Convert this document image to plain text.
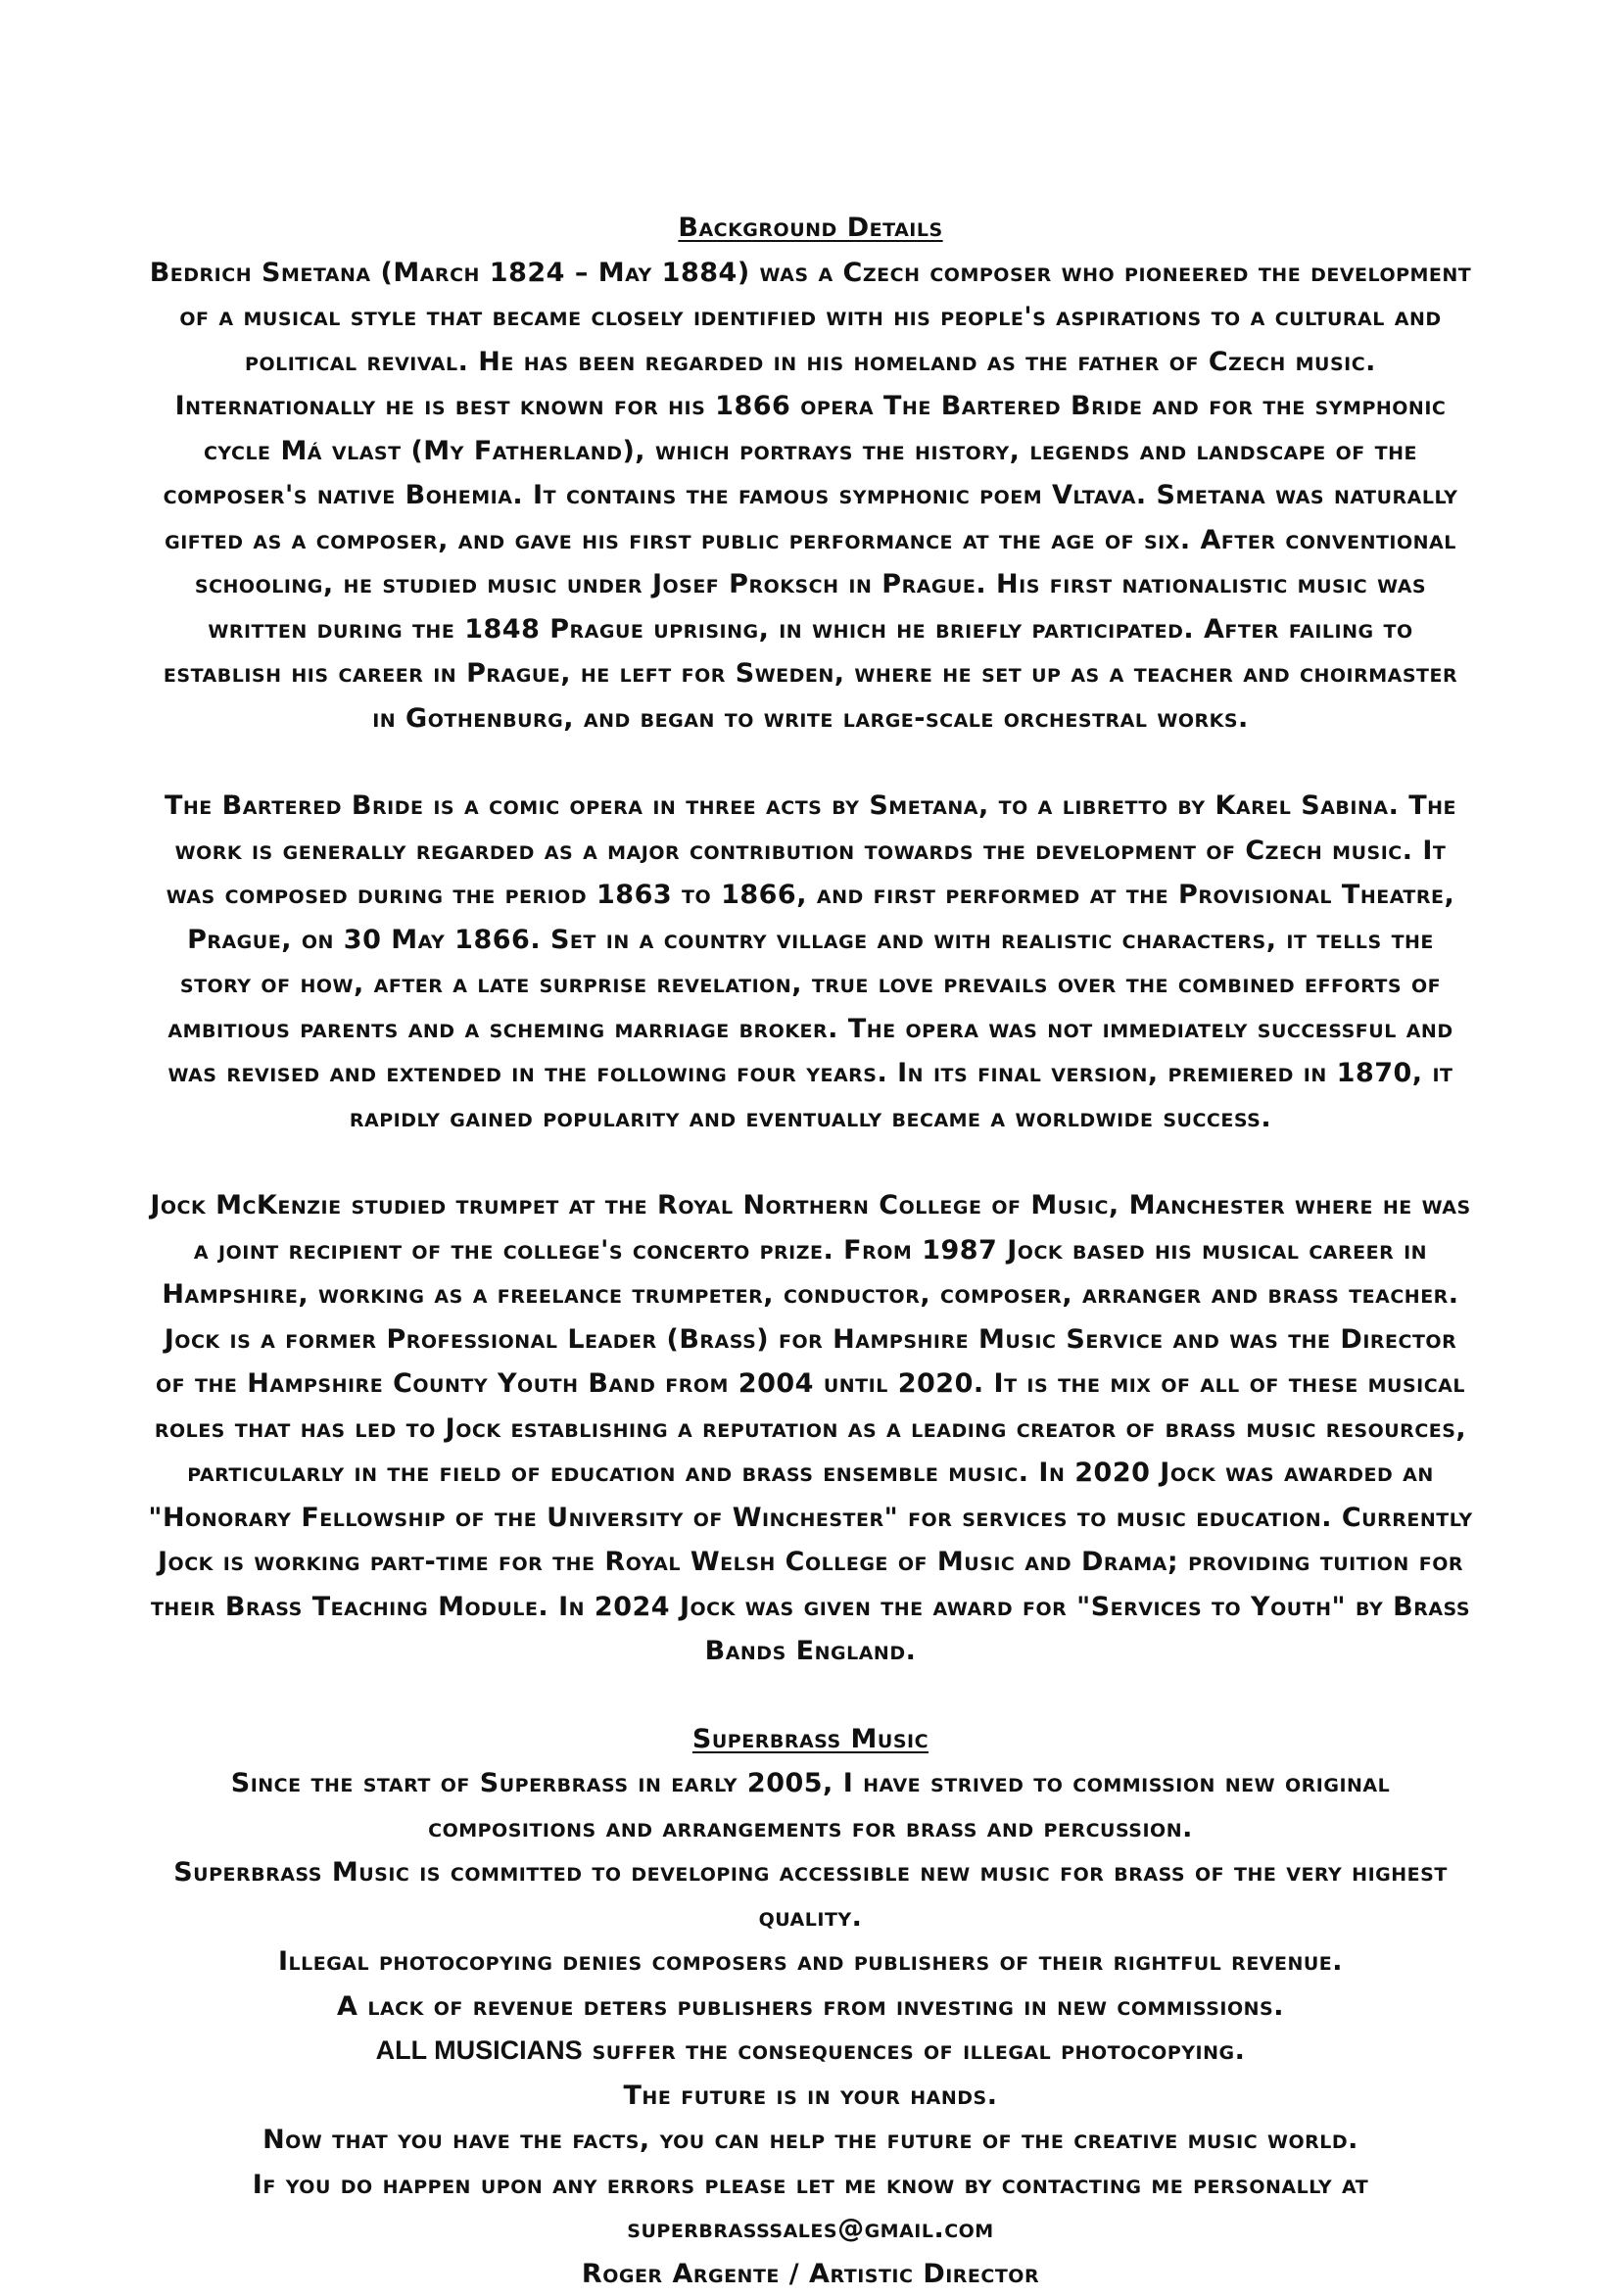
Background Details

Bedrich Smetana (March 1824 – May 1884) was a Czech composer who pioneered the development of a musical style that became closely identified with his people's aspirations to a cultural and political revival. He has been regarded in his homeland as the father of Czech music. Internationally he is best known for his 1866 opera The Bartered Bride and for the symphonic cycle Má vlast (My Fatherland), which portrays the history, legends and landscape of the composer's native Bohemia. It contains the famous symphonic poem Vltava. Smetana was naturally gifted as a composer, and gave his first public performance at the age of six. After conventional schooling, he studied music under Josef Proksch in Prague. His first nationalistic music was written during the 1848 Prague uprising, in which he briefly participated. After failing to establish his career in Prague, he left for Sweden, where he set up as a teacher and choirmaster in Gothenburg, and began to write large-scale orchestral works.

The Bartered Bride is a comic opera in three acts by Smetana, to a libretto by Karel Sabina. The work is generally regarded as a major contribution towards the development of Czech music. It was composed during the period 1863 to 1866, and first performed at the Provisional Theatre, Prague, on 30 May 1866. Set in a country village and with realistic characters, it tells the story of how, after a late surprise revelation, true love prevails over the combined efforts of ambitious parents and a scheming marriage broker. The opera was not immediately successful and was revised and extended in the following four years. In its final version, premiered in 1870, it rapidly gained popularity and eventually became a worldwide success.

Jock McKenzie studied trumpet at the Royal Northern College of Music, Manchester where he was a joint recipient of the college's concerto prize. From 1987 Jock based his musical career in Hampshire, working as a freelance trumpeter, conductor, composer, arranger and brass teacher. Jock is a former Professional Leader (Brass) for Hampshire Music Service and was the Director of the Hampshire County Youth Band from 2004 until 2020. It is the mix of all of these musical roles that has led to Jock establishing a reputation as a leading creator of brass music resources, particularly in the field of education and brass ensemble music. In 2020 Jock was awarded an "Honorary Fellowship of the University of Winchester" for services to music education. Currently Jock is working part-time for the Royal Welsh College of Music and Drama; providing tuition for their Brass Teaching Module. In 2024 Jock was given the award for "Services to Youth" by Brass Bands England.

Superbrass Music
Since the start of Superbrass in early 2005, I have strived to commission new original compositions and arrangements for brass and percussion.
Superbrass Music is committed to developing accessible new music for brass of the very highest quality.
Illegal photocopying denies composers and publishers of their rightful revenue.
A lack of revenue deters publishers from investing in new commissions.
ALL MUSICIANS suffer the consequences of illegal photocopying.
The future is in your hands.
Now that you have the facts, you can help the future of the creative music world.
If you do happen upon any errors please let me know by contacting me personally at
superbrasssales@gmail.com
Roger Argente / Artistic Director
